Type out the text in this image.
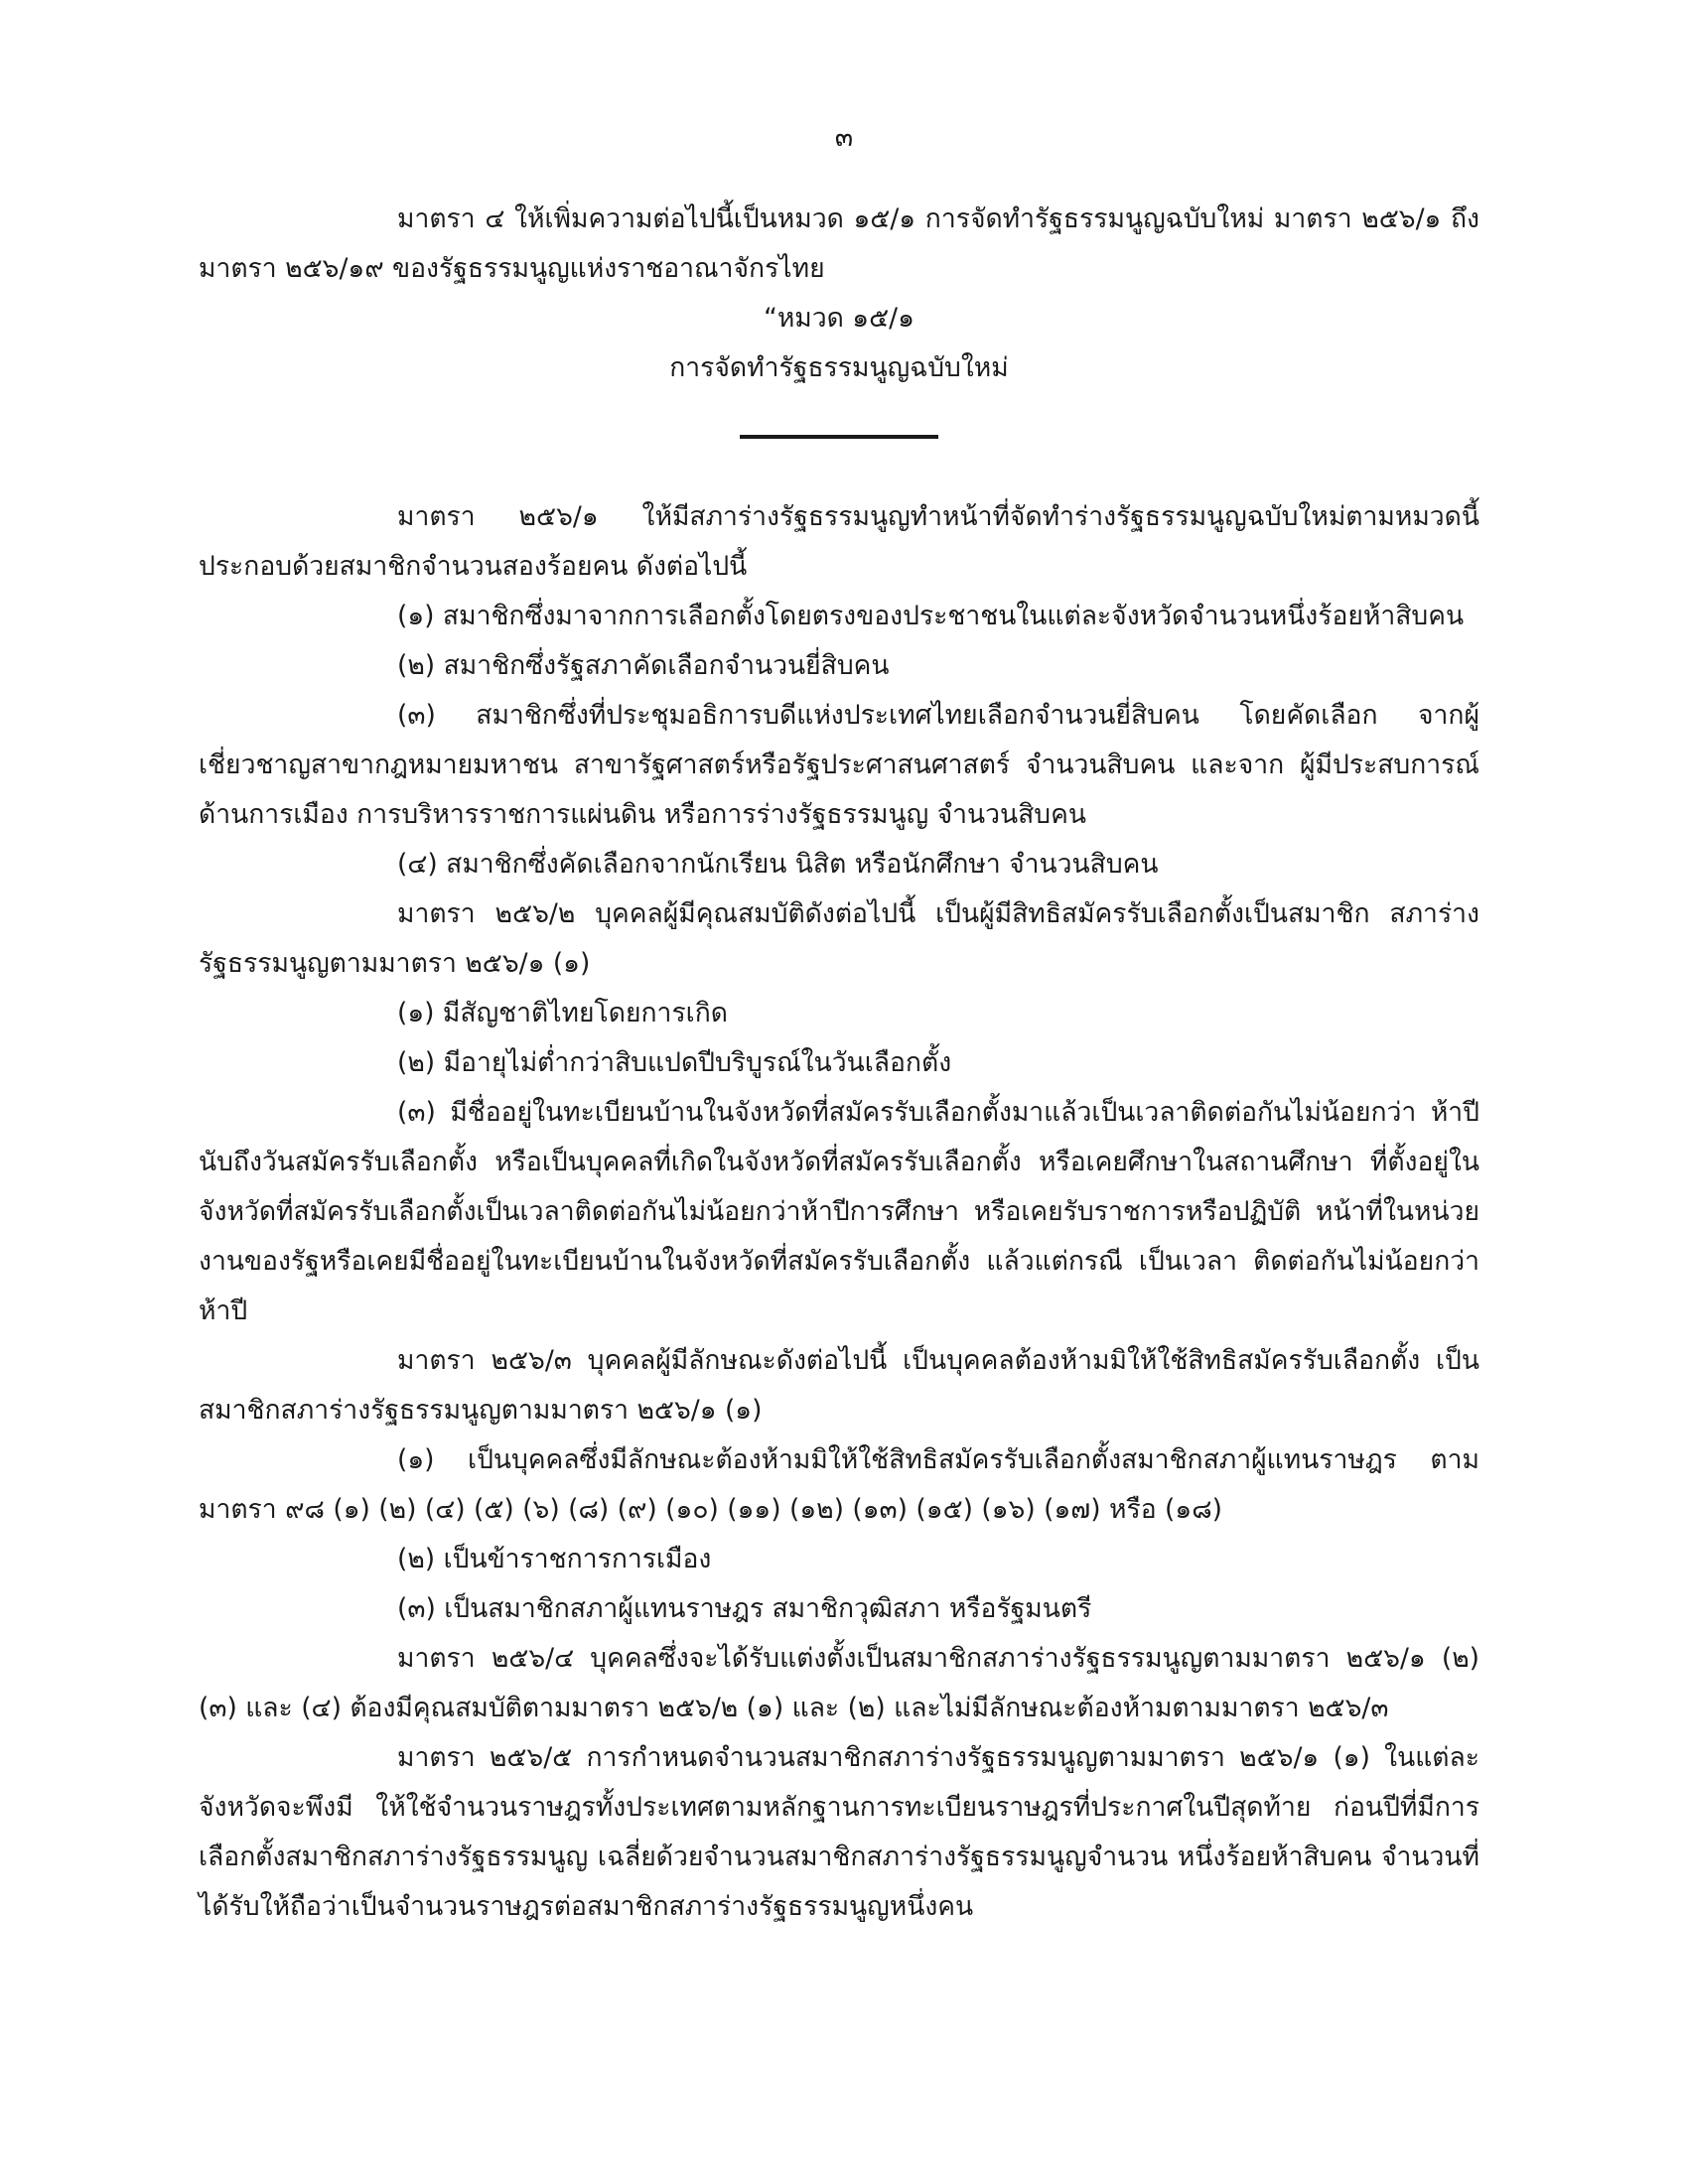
๓

มาตรา ๔ ให้เพิ่มความต่อไปนี้เป็นหมวด ๑๕/๑ การจัดทำรัฐธรรมนูญฉบับใหม่ มาตรา ๒๕๖/๑ ถึงมาตรา ๒๕๖/๑๙ ของรัฐธรรมนูญแห่งราชอาณาจักรไทย

“หมวด ๑๕/๑

การจัดทำรัฐธรรมนูญฉบับใหม่

มาตรา ๒๕๖/๑ ให้มีสภาร่างรัฐธรรมนูญทำหน้าที่จัดทำร่างรัฐธรรมนูญฉบับใหม่ตามหมวดนี้ ประกอบด้วยสมาชิกจำนวนสองร้อยคน ดังต่อไปนี้

(๑) สมาชิกซึ่งมาจากการเลือกตั้งโดยตรงของประชาชนในแต่ละจังหวัดจำนวนหนึ่งร้อยห้าสิบคน

(๒) สมาชิกซึ่งรัฐสภาคัดเลือกจำนวนยี่สิบคน

(๓) สมาชิกซึ่งที่ประชุมอธิการบดีแห่งประเทศไทยเลือกจำนวนยี่สิบคน โดยคัดเลือก จากผู้เชี่ยวชาญสาขากฎหมายมหาชน สาขารัฐศาสตร์หรือรัฐประศาสนศาสตร์ จำนวนสิบคน และจาก ผู้มีประสบการณ์ด้านการเมือง การบริหารราชการแผ่นดิน หรือการร่างรัฐธรรมนูญ จำนวนสิบคน

(๔) สมาชิกซึ่งคัดเลือกจากนักเรียน นิสิต หรือนักศึกษา จำนวนสิบคน

มาตรา ๒๕๖/๒ บุคคลผู้มีคุณสมบัติดังต่อไปนี้ เป็นผู้มีสิทธิสมัครรับเลือกตั้งเป็นสมาชิก สภาร่างรัฐธรรมนูญตามมาตรา ๒๕๖/๑ (๑)

(๑) มีสัญชาติไทยโดยการเกิด

(๒) มีอายุไม่ต่ำกว่าสิบแปดปีบริบูรณ์ในวันเลือกตั้ง

(๓) มีชื่ออยู่ในทะเบียนบ้านในจังหวัดที่สมัครรับเลือกตั้งมาแล้วเป็นเวลาติดต่อกันไม่น้อยกว่า ห้าปีนับถึงวันสมัครรับเลือกตั้ง หรือเป็นบุคคลที่เกิดในจังหวัดที่สมัครรับเลือกตั้ง หรือเคยศึกษาในสถานศึกษา ที่ตั้งอยู่ในจังหวัดที่สมัครรับเลือกตั้งเป็นเวลาติดต่อกันไม่น้อยกว่าห้าปีการศึกษา หรือเคยรับราชการหรือปฏิบัติ หน้าที่ในหน่วยงานของรัฐหรือเคยมีชื่ออยู่ในทะเบียนบ้านในจังหวัดที่สมัครรับเลือกตั้ง แล้วแต่กรณี เป็นเวลา ติดต่อกันไม่น้อยกว่าห้าปี

มาตรา ๒๕๖/๓ บุคคลผู้มีลักษณะดังต่อไปนี้ เป็นบุคคลต้องห้ามมิให้ใช้สิทธิสมัครรับเลือกตั้ง เป็นสมาชิกสภาร่างรัฐธรรมนูญตามมาตรา ๒๕๖/๑ (๑)

(๑) เป็นบุคคลซึ่งมีลักษณะต้องห้ามมิให้ใช้สิทธิสมัครรับเลือกตั้งสมาชิกสภาผู้แทนราษฎร ตามมาตรา ๙๘ (๑) (๒) (๔) (๕) (๖) (๘) (๙) (๑๐) (๑๑) (๑๒) (๑๓) (๑๕) (๑๖) (๑๗) หรือ (๑๘)

(๒) เป็นข้าราชการการเมือง

(๓) เป็นสมาชิกสภาผู้แทนราษฎร สมาชิกวุฒิสภา หรือรัฐมนตรี

มาตรา ๒๕๖/๔ บุคคลซึ่งจะได้รับแต่งตั้งเป็นสมาชิกสภาร่างรัฐธรรมนูญตามมาตรา ๒๕๖/๑ (๒) (๓) และ (๔) ต้องมีคุณสมบัติตามมาตรา ๒๕๖/๒ (๑) และ (๒) และไม่มีลักษณะต้องห้ามตามมาตรา ๒๕๖/๓

มาตรา ๒๕๖/๕ การกำหนดจำนวนสมาชิกสภาร่างรัฐธรรมนูญตามมาตรา ๒๕๖/๑ (๑) ในแต่ละจังหวัดจะพึงมี ให้ใช้จำนวนราษฎรทั้งประเทศตามหลักฐานการทะเบียนราษฎรที่ประกาศในปีสุดท้าย ก่อนปีที่มีการเลือกตั้งสมาชิกสภาร่างรัฐธรรมนูญ เฉลี่ยด้วยจำนวนสมาชิกสภาร่างรัฐธรรมนูญจำนวน หนึ่งร้อยห้าสิบคน จำนวนที่ได้รับให้ถือว่าเป็นจำนวนราษฎรต่อสมาชิกสภาร่างรัฐธรรมนูญหนึ่งคน
